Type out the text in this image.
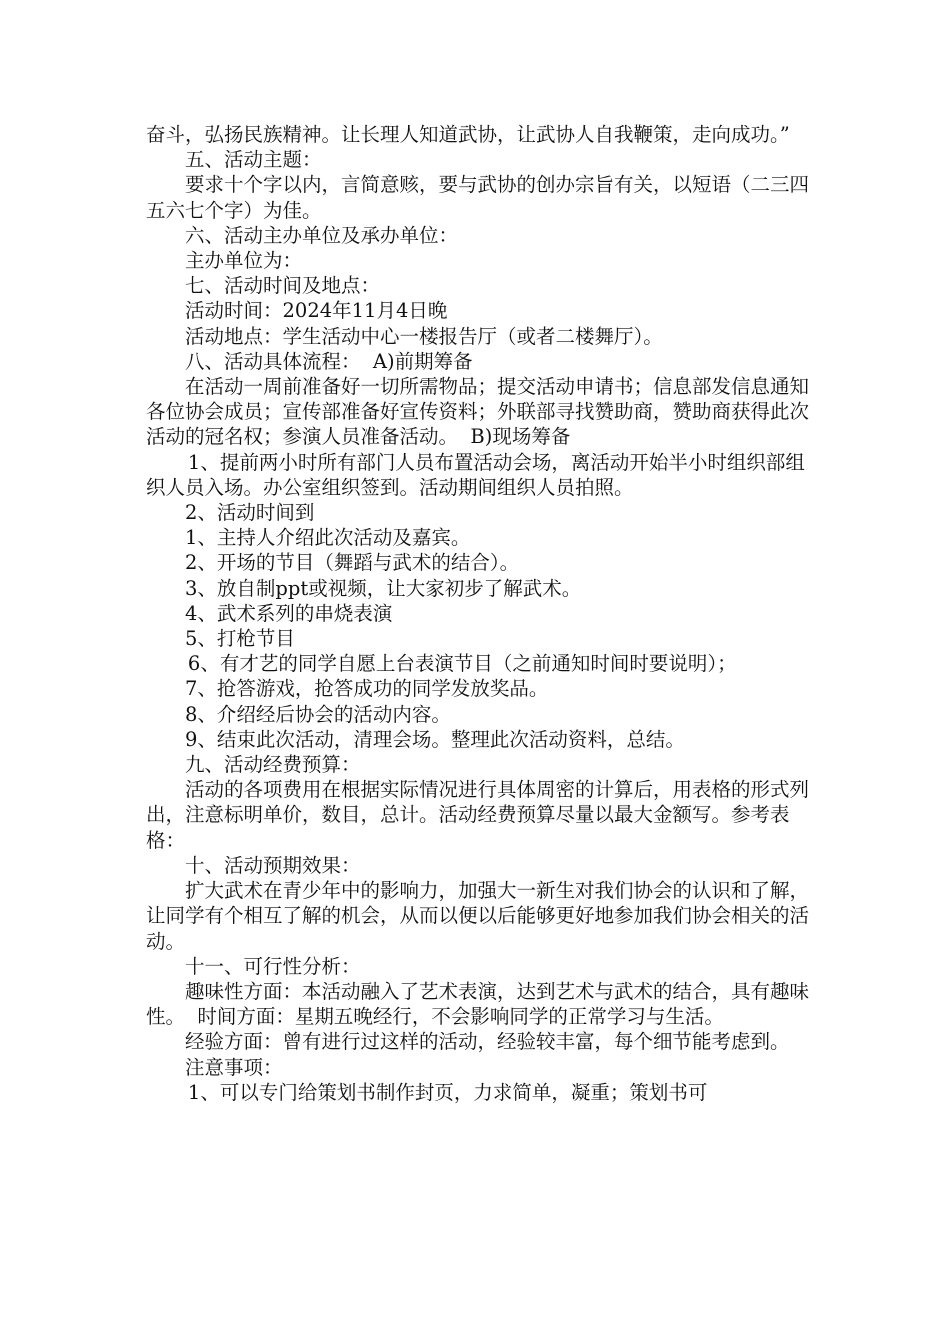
奋斗，弘扬民族精神。让长理人知道武协，让武协人自我鞭策，走向成功。”

五、活动主题：

要求十个字以内，言简意赅，要与武协的创办宗旨有关，以短语（二三四五六七个字）为佳。

六、活动主办单位及承办单位：

主办单位为：

七、活动时间及地点：

活动时间：2024年11月4日晚

活动地点：学生活动中心一楼报告厅（或者二楼舞厅）。

八、活动具体流程：  A)前期筹备

在活动一周前准备好一切所需物品；提交活动申请书；信息部发信息通知各位协会成员；宣传部准备好宣传资料；外联部寻找赞助商，赞助商获得此次活动的冠名权；参演人员准备活动。  B)现场筹备

1、提前两小时所有部门人员布置活动会场，离活动开始半小时组织部组织人员入场。办公室组织签到。活动期间组织人员拍照。

2、活动时间到

1、主持人介绍此次活动及嘉宾。

2、开场的节目（舞蹈与武术的结合）。

3、放自制ppt或视频，让大家初步了解武术。

4、武术系列的串烧表演

5、打枪节目

6、有才艺的同学自愿上台表演节目（之前通知时间时要说明）；

7、抢答游戏，抢答成功的同学发放奖品。

8、介绍经后协会的活动内容。

9、结束此次活动，清理会场。整理此次活动资料，总结。

九、活动经费预算：

活动的各项费用在根据实际情况进行具体周密的计算后，用表格的形式列出，注意标明单价，数目，总计。活动经费预算尽量以最大金额写。参考表格：

十、活动预期效果：

扩大武术在青少年中的影响力，加强大一新生对我们协会的认识和了解，让同学有个相互了解的机会，从而以便以后能够更好地参加我们协会相关的活动。

十一、可行性分析：

趣味性方面：本活动融入了艺术表演，达到艺术与武术的结合，具有趣味性。  时间方面：星期五晚经行，不会影响同学的正常学习与生活。

经验方面：曾有进行过这样的活动，经验较丰富，每个细节能考虑到。

注意事项：

1、可以专门给策划书制作封页，力求简单，凝重；策划书可
